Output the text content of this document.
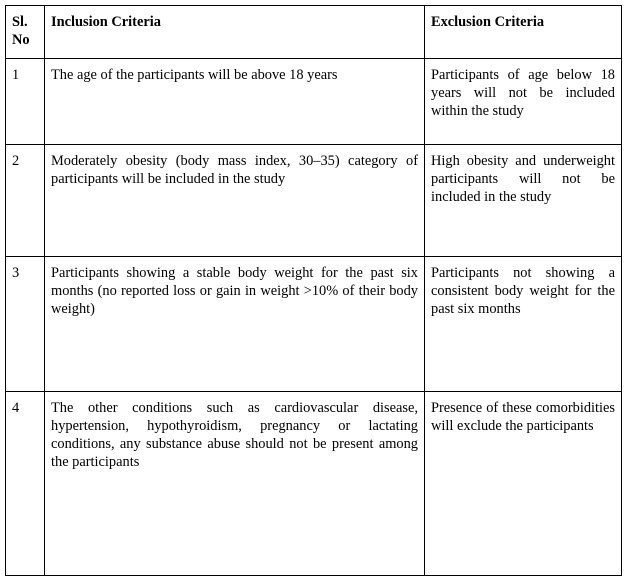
Sl. No	Inclusion Criteria	Exclusion Criteria
1	The age of the participants will be above 18 years	Participants of age below 18 years will not be included within the study
2	Moderately obesity (body mass index, 30–35) category of participants will be included in the study	High obesity and underweight participants will not be included in the study
3	Participants showing a stable body weight for the past six months (no reported loss or gain in weight >10% of their body weight)	Participants not showing a consistent body weight for the past six months
4	The other conditions such as cardiovascular disease, hypertension, hypothyroidism, pregnancy or lactating conditions, any substance abuse should not be present among the participants	Presence of these comorbidities will exclude the participants
